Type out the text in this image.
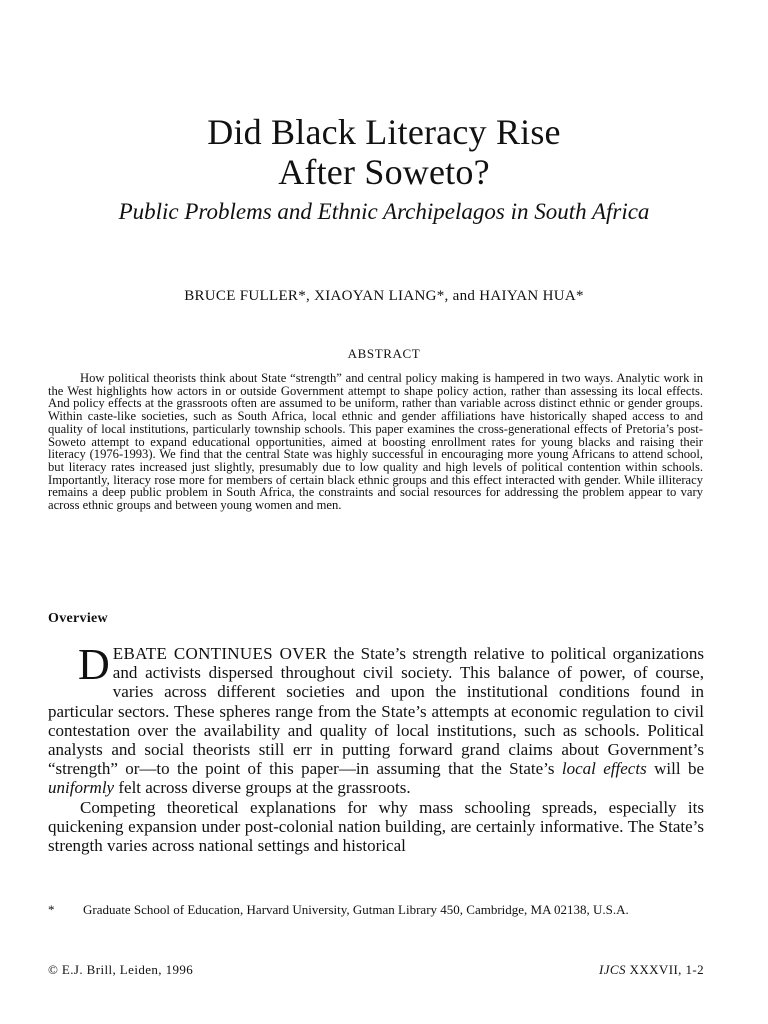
Did Black Literacy Rise
After Soweto?
Public Problems and Ethnic Archipelagos in South Africa
BRUCE FULLER*, XIAOYAN LIANG*, and HAIYAN HUA*
ABSTRACT

How political theorists think about State “strength” and central policy making is hampered in two ways. Analytic work in the West highlights how actors in or outside Government attempt to shape policy action, rather than assessing its local effects. And policy effects at the grassroots often are assumed to be uniform, rather than variable across distinct ethnic or gender groups. Within caste-like societies, such as South Africa, local ethnic and gender affiliations have historically shaped access to and quality of local institutions, particularly township schools. This paper examines the cross-generational effects of Pretoria’s post-Soweto attempt to expand educational opportunities, aimed at boosting enrollment rates for young blacks and raising their literacy (1976-1993). We find that the central State was highly successful in encouraging more young Africans to attend school, but literacy rates increased just slightly, presumably due to low quality and high levels of political contention within schools. Importantly, literacy rose more for members of certain black ethnic groups and this effect interacted with gender. While illiteracy remains a deep public problem in South Africa, the constraints and social resources for addressing the problem appear to vary across ethnic groups and between young women and men.

Overview

DEBATE CONTINUES OVER the State’s strength relative to political organizations and activists dispersed throughout civil society. This balance of power, of course, varies across different societies and upon the institutional conditions found in particular sectors. These spheres range from the State’s attempts at economic regulation to civil contestation over the availability and quality of local institutions, such as schools. Political analysts and social theorists still err in putting forward grand claims about Government’s “strength” or—to the point of this paper—in assuming that the State’s local effects will be uniformly felt across diverse groups at the grassroots.

Competing theoretical explanations for why mass schooling spreads, especially its quickening expansion under post-colonial nation building, are certainly informative. The State’s strength varies across national settings and historical

* Graduate School of Education, Harvard University, Gutman Library 450, Cambridge, MA 02138, U.S.A.
© E.J. Brill, Leiden, 1996	IJCS XXXVII, 1-2
